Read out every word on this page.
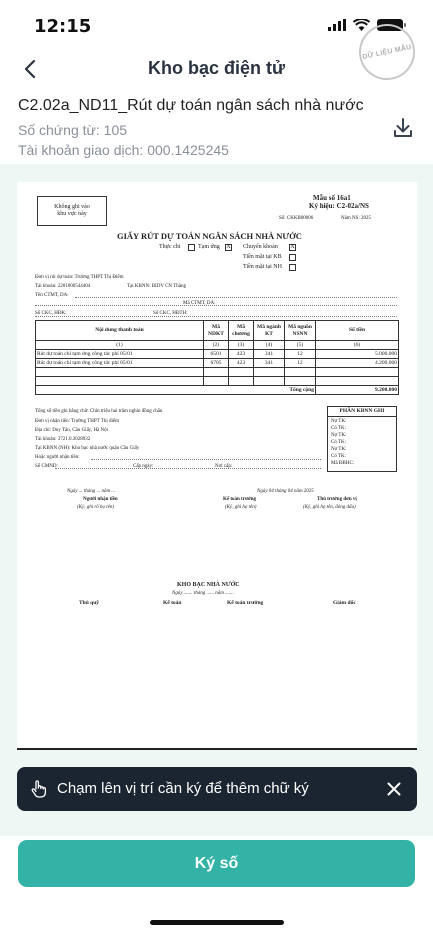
12:15
DỮ LIỆU MẪU
Kho bạc điện tử
C2.02a_ND11_Rút dự toán ngân sách nhà nước
Số chứng từ: 105
Tài khoản giao dịch: 000.1425245
Không ghi vào
khu vực này
Mẫu số 16a1
Ký hiệu: C2-02a/NS
Số: CKKB00006	Năm NS: 2025
GIẤY RÚT DỰ TOÁN NGÂN SÁCH NHÀ NƯỚC
Thực chi	Tạm ứng X Chuyển khoản X
Tiền mặt tại KB
Tiền mặt tại NH
Đơn vị rút dự toán: Trường THPT Thị Điểm
Tài khoản: 2201000544404	Tại KBNN: BIDV CN Thăng
Tên CTMT, DA:
Mã CTMT, DA:
Số CKC, HĐK:	Số CKC, HĐTH:
Nội dung thanh toán	Mã NDKT	Mã chương	Mã ngành KT	Mã nguồn NSNN	Số tiền
(1)	(2)	(3)	(4)	(5)	(6)
Rút dự toán chi tạm ứng công tác phí 05/01	6501	423	341	12	5.000.000
Rút dự toán chi tạm ứng công tác phí 05/01	6705	423	341	12	4.200.000

Tổng cộng					9.200.000
Tổng số tiền ghi bằng chữ: Chín triệu hai trăm nghìn đồng chẵn
Đơn vị nhận tiền: Trường THPT Thị điểm
Địa chỉ: Duy Tân, Cầu Giấy, Hà Nội
Tài khoản: 3721.0.3028932
Tại KBNN (NH): Kho bạc nhà nước quận Cầu Giấy
Hoặc người nhận tiền:
Số CMND:	Cấp ngày:	Nơi cấp:
PHẦN KBNN GHI
Nợ TK:
Có TK:
Nợ TK:
Có TK:
Nợ TK:
Có TK:
Mã ĐBHC:
Ngày ... tháng ... năm ...	Ngày 04 tháng 04 năm 2025
Người nhận tiền
(Ký, ghi rõ họ tên)
Kế toán trưởng
(Ký, ghi họ tên)
Thủ trưởng đơn vị
(Ký, ghi họ tên, đóng dấu)
KHO BẠC NHÀ NƯỚC
Ngày ....... tháng ...... năm .......
Thủ quỹ	Kế toán	Kế toán trưởng	Giám đốc
Chạm lên vị trí cần ký để thêm chữ ký
Ký số
